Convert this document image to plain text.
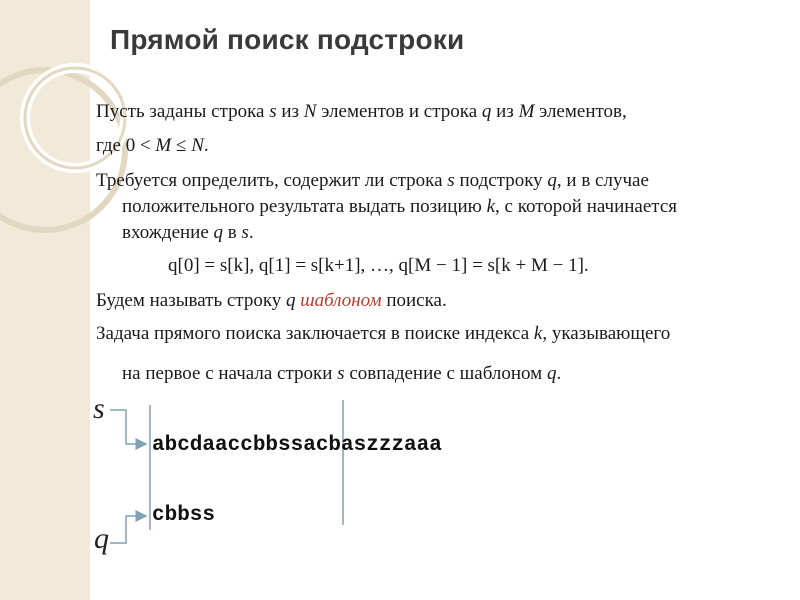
Прямой поиск подстроки
Пусть заданы строка s из N элементов и строка q из M элементов,
где 0 < M ≤ N.
Требуется определить, содержит ли строка s подстроку q, и в случае
положительного результата выдать позицию k, с которой начинается
вхождение q в s.
q[0] = s[k], q[1] = s[k+1], …, q[M − 1] = s[k + M − 1].
Будем называть строку q шаблоном поиска.
Задача прямого поиска заключается в поиске индекса k, указывающего
на первое с начала строки s совпадение с шаблоном q.
s
q
abcdaaccbbssacbaszzzaaa
cbbss
